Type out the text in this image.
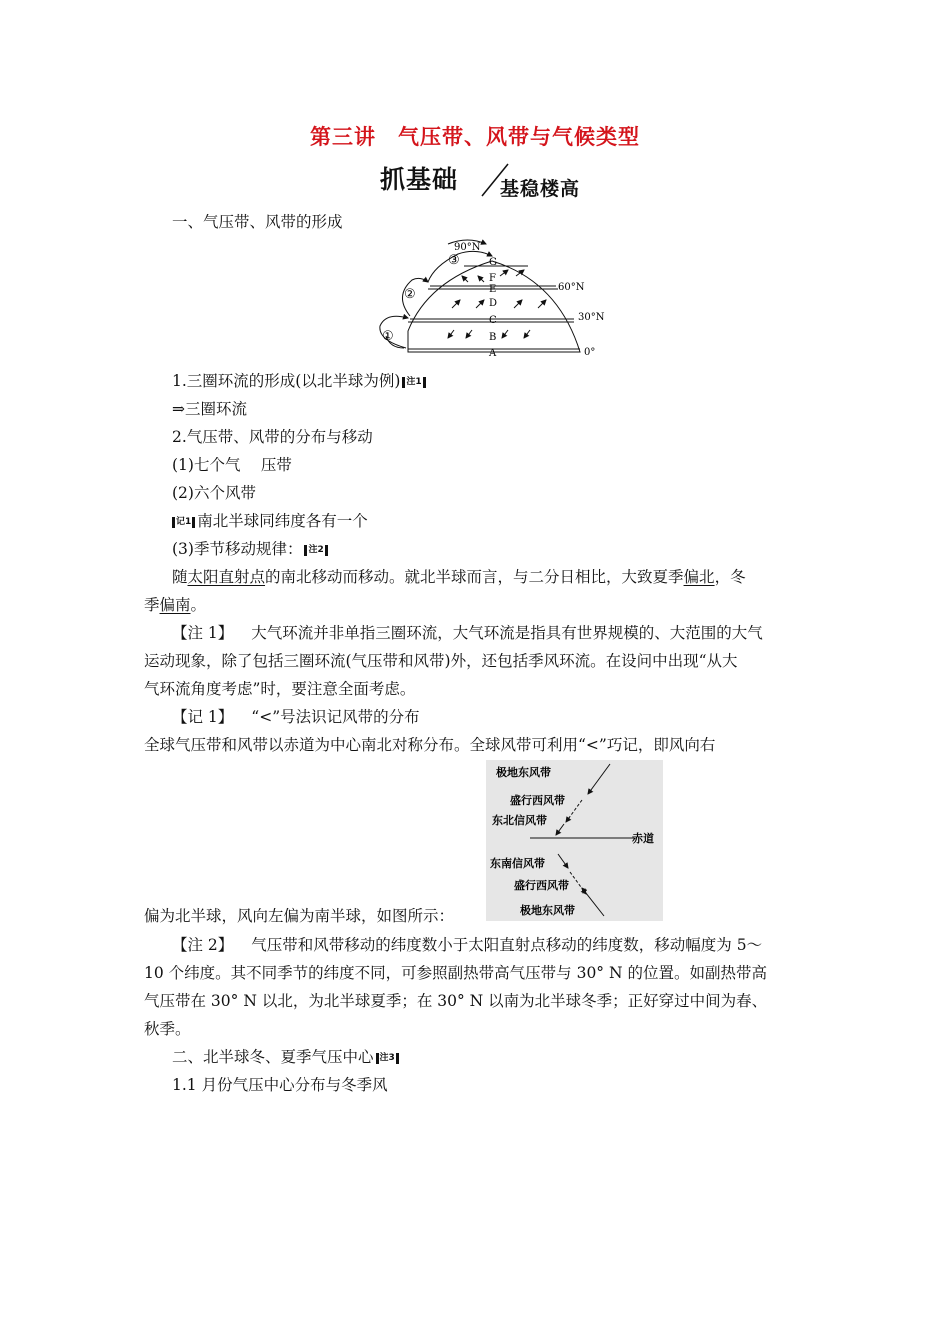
第三讲　气压带、风带与气候类型
抓基础 基稳楼高
一、气压带、风带的形成
90°N
60°N
30°N
0°
G
F
E
D
C
B
A
③
②
①
1.三圈环流的形成(以北半球为例) 注1
⇒三圈环流
2.气压带、风带的分布与移动
(1)七个气　 压带
(2)六个风带
记1 南北半球同纬度各有一个
(3)季节移动规律： 注2
随太阳直射点的南北移动而移动。就北半球而言，与二分日相比，大致夏季偏北，冬
季偏南。
【注 1】 大气环流并非单指三圈环流，大气环流是指具有世界规模的、大范围的大气
运动现象，除了包括三圈环流(气压带和风带)外，还包括季风环流。在设问中出现“从大
气环流角度考虑”时，要注意全面考虑。
【记 1】 “<”号法识记风带的分布
全球气压带和风带以赤道为中心南北对称分布。全球风带可利用“<”巧记，即风向右
极地东风带
盛行西风带
东北信风带
赤道
东南信风带
盛行西风带
极地东风带
偏为北半球，风向左偏为南半球，如图所示：
【注 2】 气压带和风带移动的纬度数小于太阳直射点移动的纬度数，移动幅度为 5～
10 个纬度。其不同季节的纬度不同，可参照副热带高气压带与 30° N 的位置。如副热带高
气压带在 30° N 以北，为北半球夏季；在 30° N 以南为北半球冬季；正好穿过中间为春、
秋季。
二、北半球冬、夏季气压中心 注3
1.1 月份气压中心分布与冬季风
